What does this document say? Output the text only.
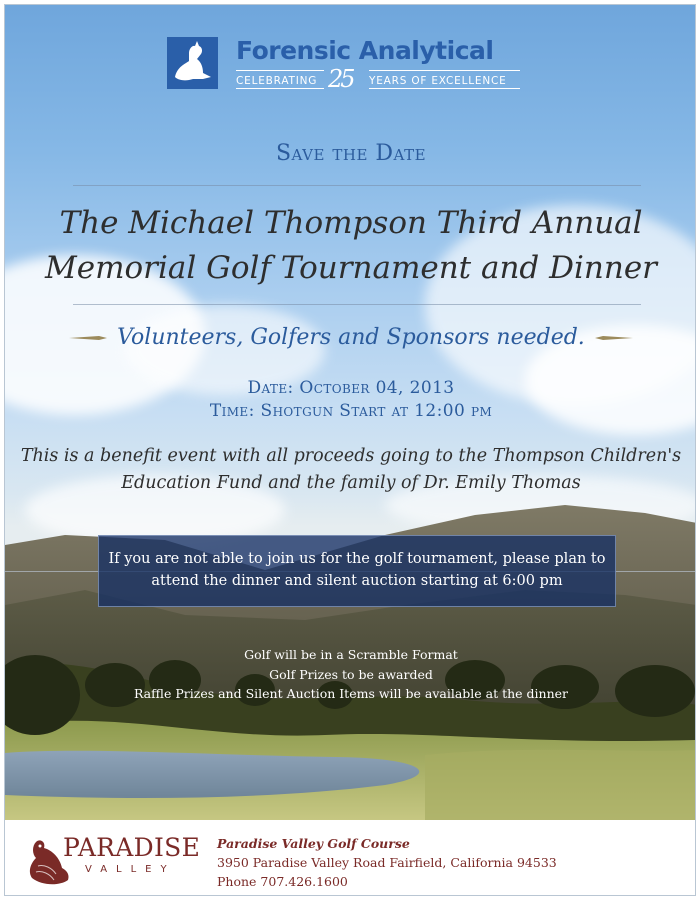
Forensic Analytical
CELEBRATING 25 YEARS OF EXCELLENCE
Save the Date
The Michael Thompson Third Annual
Memorial Golf Tournament and Dinner
Volunteers, Golfers and Sponsors needed.
Date: October 04, 2013
Time: Shotgun Start at 12:00 pm
This is a benefit event with all proceeds going to the Thompson Children's
Education Fund and the family of Dr. Emily Thomas
If you are not able to join us for the golf tournament, please plan to
attend the dinner and silent auction starting at 6:00 pm
Golf will be in a Scramble Format
Golf Prizes to be awarded
Raffle Prizes and Silent Auction Items will be available at the dinner
PARADISE
VALLEY
Paradise Valley Golf Course
3950 Paradise Valley Road Fairfield, California 94533
Phone 707.426.1600
